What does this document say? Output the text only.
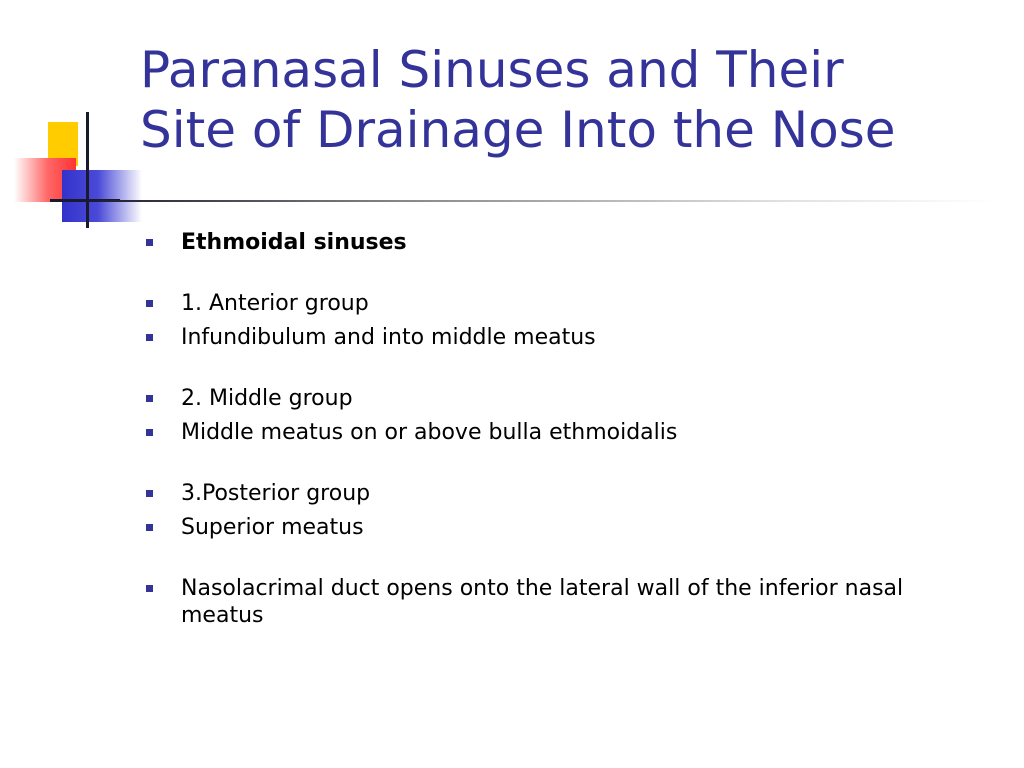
Paranasal Sinuses and Their
Site of Drainage Into the Nose
Ethmoidal sinuses
1. Anterior group
Infundibulum and into middle meatus
2. Middle group
Middle meatus on or above bulla ethmoidalis
3.Posterior group
Superior meatus
Nasolacrimal duct opens onto the lateral wall of the inferior nasal meatus
